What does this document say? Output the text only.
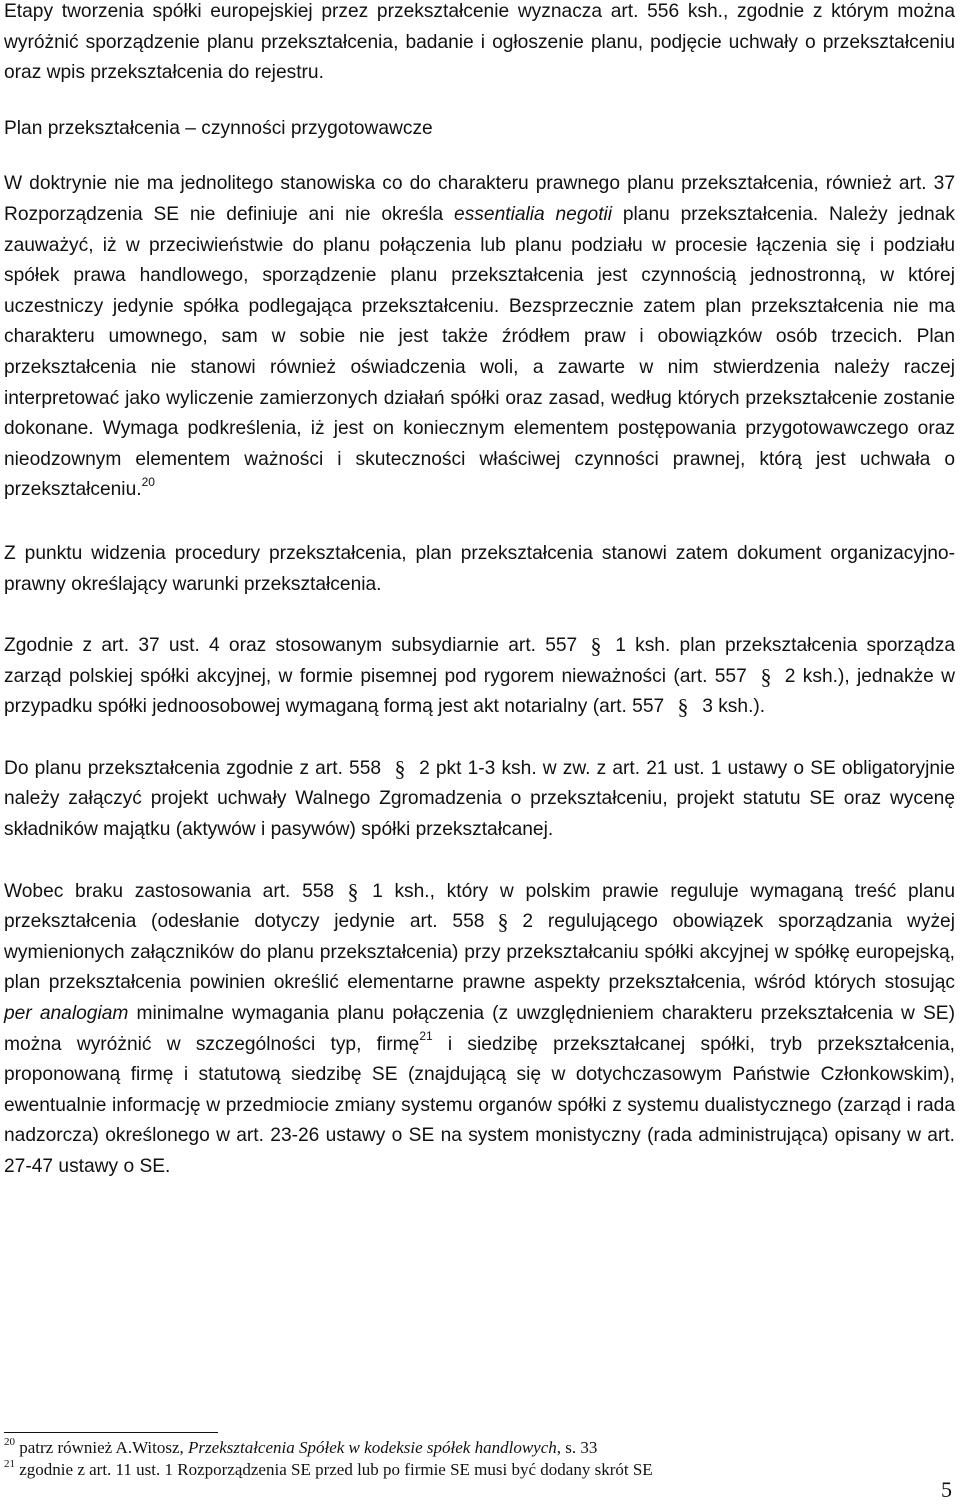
Etapy tworzenia spółki europejskiej przez przekształcenie wyznacza art. 556 ksh., zgodnie z którym można wyróżnić sporządzenie planu przekształcenia, badanie i ogłoszenie planu, podjęcie uchwały o przekształceniu oraz wpis przekształcenia do rejestru.

Plan przekształcenia – czynności przygotowawcze

W doktrynie nie ma jednolitego stanowiska co do charakteru prawnego planu przekształcenia, również art. 37 Rozporządzenia SE nie definiuje ani nie określa essentialia negotii planu przekształcenia. Należy jednak zauważyć, iż w przeciwieństwie do planu połączenia lub planu podziału w procesie łączenia się i podziału spółek prawa handlowego, sporządzenie planu przekształcenia jest czynnością jednostronną, w której uczestniczy jedynie spółka podlegająca przekształceniu. Bezsprzecznie zatem plan przekształcenia nie ma charakteru umownego, sam w sobie nie jest także źródłem praw i obowiązków osób trzecich. Plan przekształcenia nie stanowi również oświadczenia woli, a zawarte w nim stwierdzenia należy raczej interpretować jako wyliczenie zamierzonych działań spółki oraz zasad, według których przekształcenie zostanie dokonane. Wymaga podkreślenia, iż jest on koniecznym elementem postępowania przygotowawczego oraz nieodzownym elementem ważności i skuteczności właściwej czynności prawnej, którą jest uchwała o przekształceniu.$^{20}$

Z punktu widzenia procedury przekształcenia, plan przekształcenia stanowi zatem dokument organizacyjno-prawny określający warunki przekształcenia.

Zgodnie z art. 37 ust. 4 oraz stosowanym subsydiarnie art. 557 § 1 ksh. plan przekształcenia sporządza zarząd polskiej spółki akcyjnej, w formie pisemnej pod rygorem nieważności (art. 557 § 2 ksh.), jednakże w przypadku spółki jednoosobowej wymaganą formą jest akt notarialny (art. 557 § 3 ksh.).

Do planu przekształcenia zgodnie z art. 558 § 2 pkt 1-3 ksh. w zw. z art. 21 ust. 1 ustawy o SE obligatoryjnie należy załączyć projekt uchwały Walnego Zgromadzenia o przekształceniu, projekt statutu SE oraz wycenę składników majątku (aktywów i pasywów) spółki przekształcanej.

Wobec braku zastosowania art. 558 § 1 ksh., który w polskim prawie reguluje wymaganą treść planu przekształcenia (odesłanie dotyczy jedynie art. 558 § 2 regulującego obowiązek sporządzania wyżej wymienionych załączników do planu przekształcenia) przy przekształcaniu spółki akcyjnej w spółkę europejską, plan przekształcenia powinien określić elementarne prawne aspekty przekształcenia, wśród których stosując per analogiam minimalne wymagania planu połączenia (z uwzględnieniem charakteru przekształcenia w SE) można wyróżnić w szczególności typ, firmę$^{21}$ i siedzibę przekształcanej spółki, tryb przekształcenia, proponowaną firmę i statutową siedzibę SE (znajdującą się w dotychczasowym Państwie Członkowskim), ewentualnie informację w przedmiocie zmiany systemu organów spółki z systemu dualistycznego (zarząd i rada nadzorcza) określonego w art. 23-26 ustawy o SE na system monistyczny (rada administrująca) opisany w art. 27-47 ustawy o SE.

$^{20}$ patrz również A.Witosz, Przekształcenia Spółek w kodeksie spółek handlowych, s. 33

$^{21}$ zgodnie z art. 11 ust. 1 Rozporządzenia SE przed lub po firmie SE musi być dodany skrót SE

5
